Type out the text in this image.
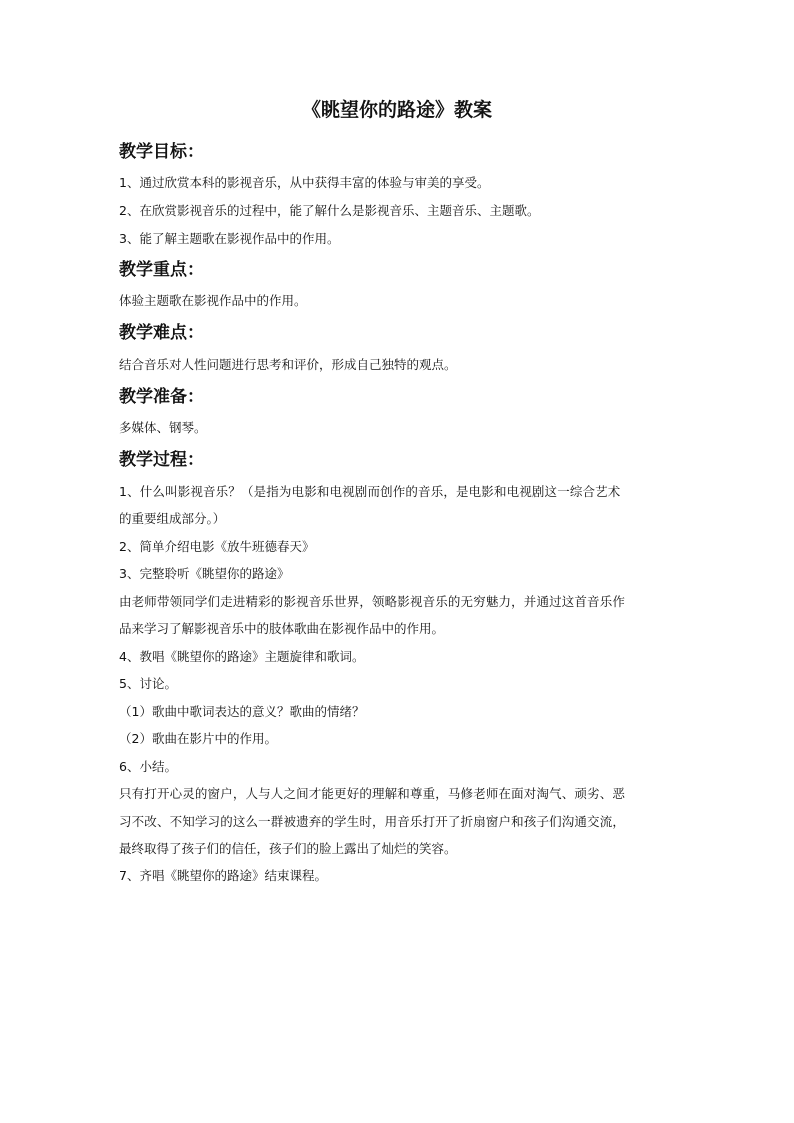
《眺望你的路途》教案
教学目标：
1、通过欣赏本科的影视音乐，从中获得丰富的体验与审美的享受。
2、在欣赏影视音乐的过程中，能了解什么是影视音乐、主题音乐、主题歌。
3、能了解主题歌在影视作品中的作用。
教学重点：
体验主题歌在影视作品中的作用。
教学难点：
结合音乐对人性问题进行思考和评价，形成自己独特的观点。
教学准备：
多媒体、钢琴。
教学过程：
1、什么叫影视音乐？（是指为电影和电视剧而创作的音乐，是电影和电视剧这一综合艺术
的重要组成部分。）
2、简单介绍电影《放牛班德春天》
3、完整聆听《眺望你的路途》
由老师带领同学们走进精彩的影视音乐世界，领略影视音乐的无穷魅力，并通过这首音乐作
品来学习了解影视音乐中的肢体歌曲在影视作品中的作用。
4、教唱《眺望你的路途》主题旋律和歌词。
5、讨论。
（1）歌曲中歌词表达的意义？歌曲的情绪？
（2）歌曲在影片中的作用。
6、小结。
只有打开心灵的窗户，人与人之间才能更好的理解和尊重，马修老师在面对淘气、顽劣、恶
习不改、不知学习的这么一群被遗弃的学生时，用音乐打开了折扇窗户和孩子们沟通交流，
最终取得了孩子们的信任，孩子们的脸上露出了灿烂的笑容。
7、齐唱《眺望你的路途》结束课程。
